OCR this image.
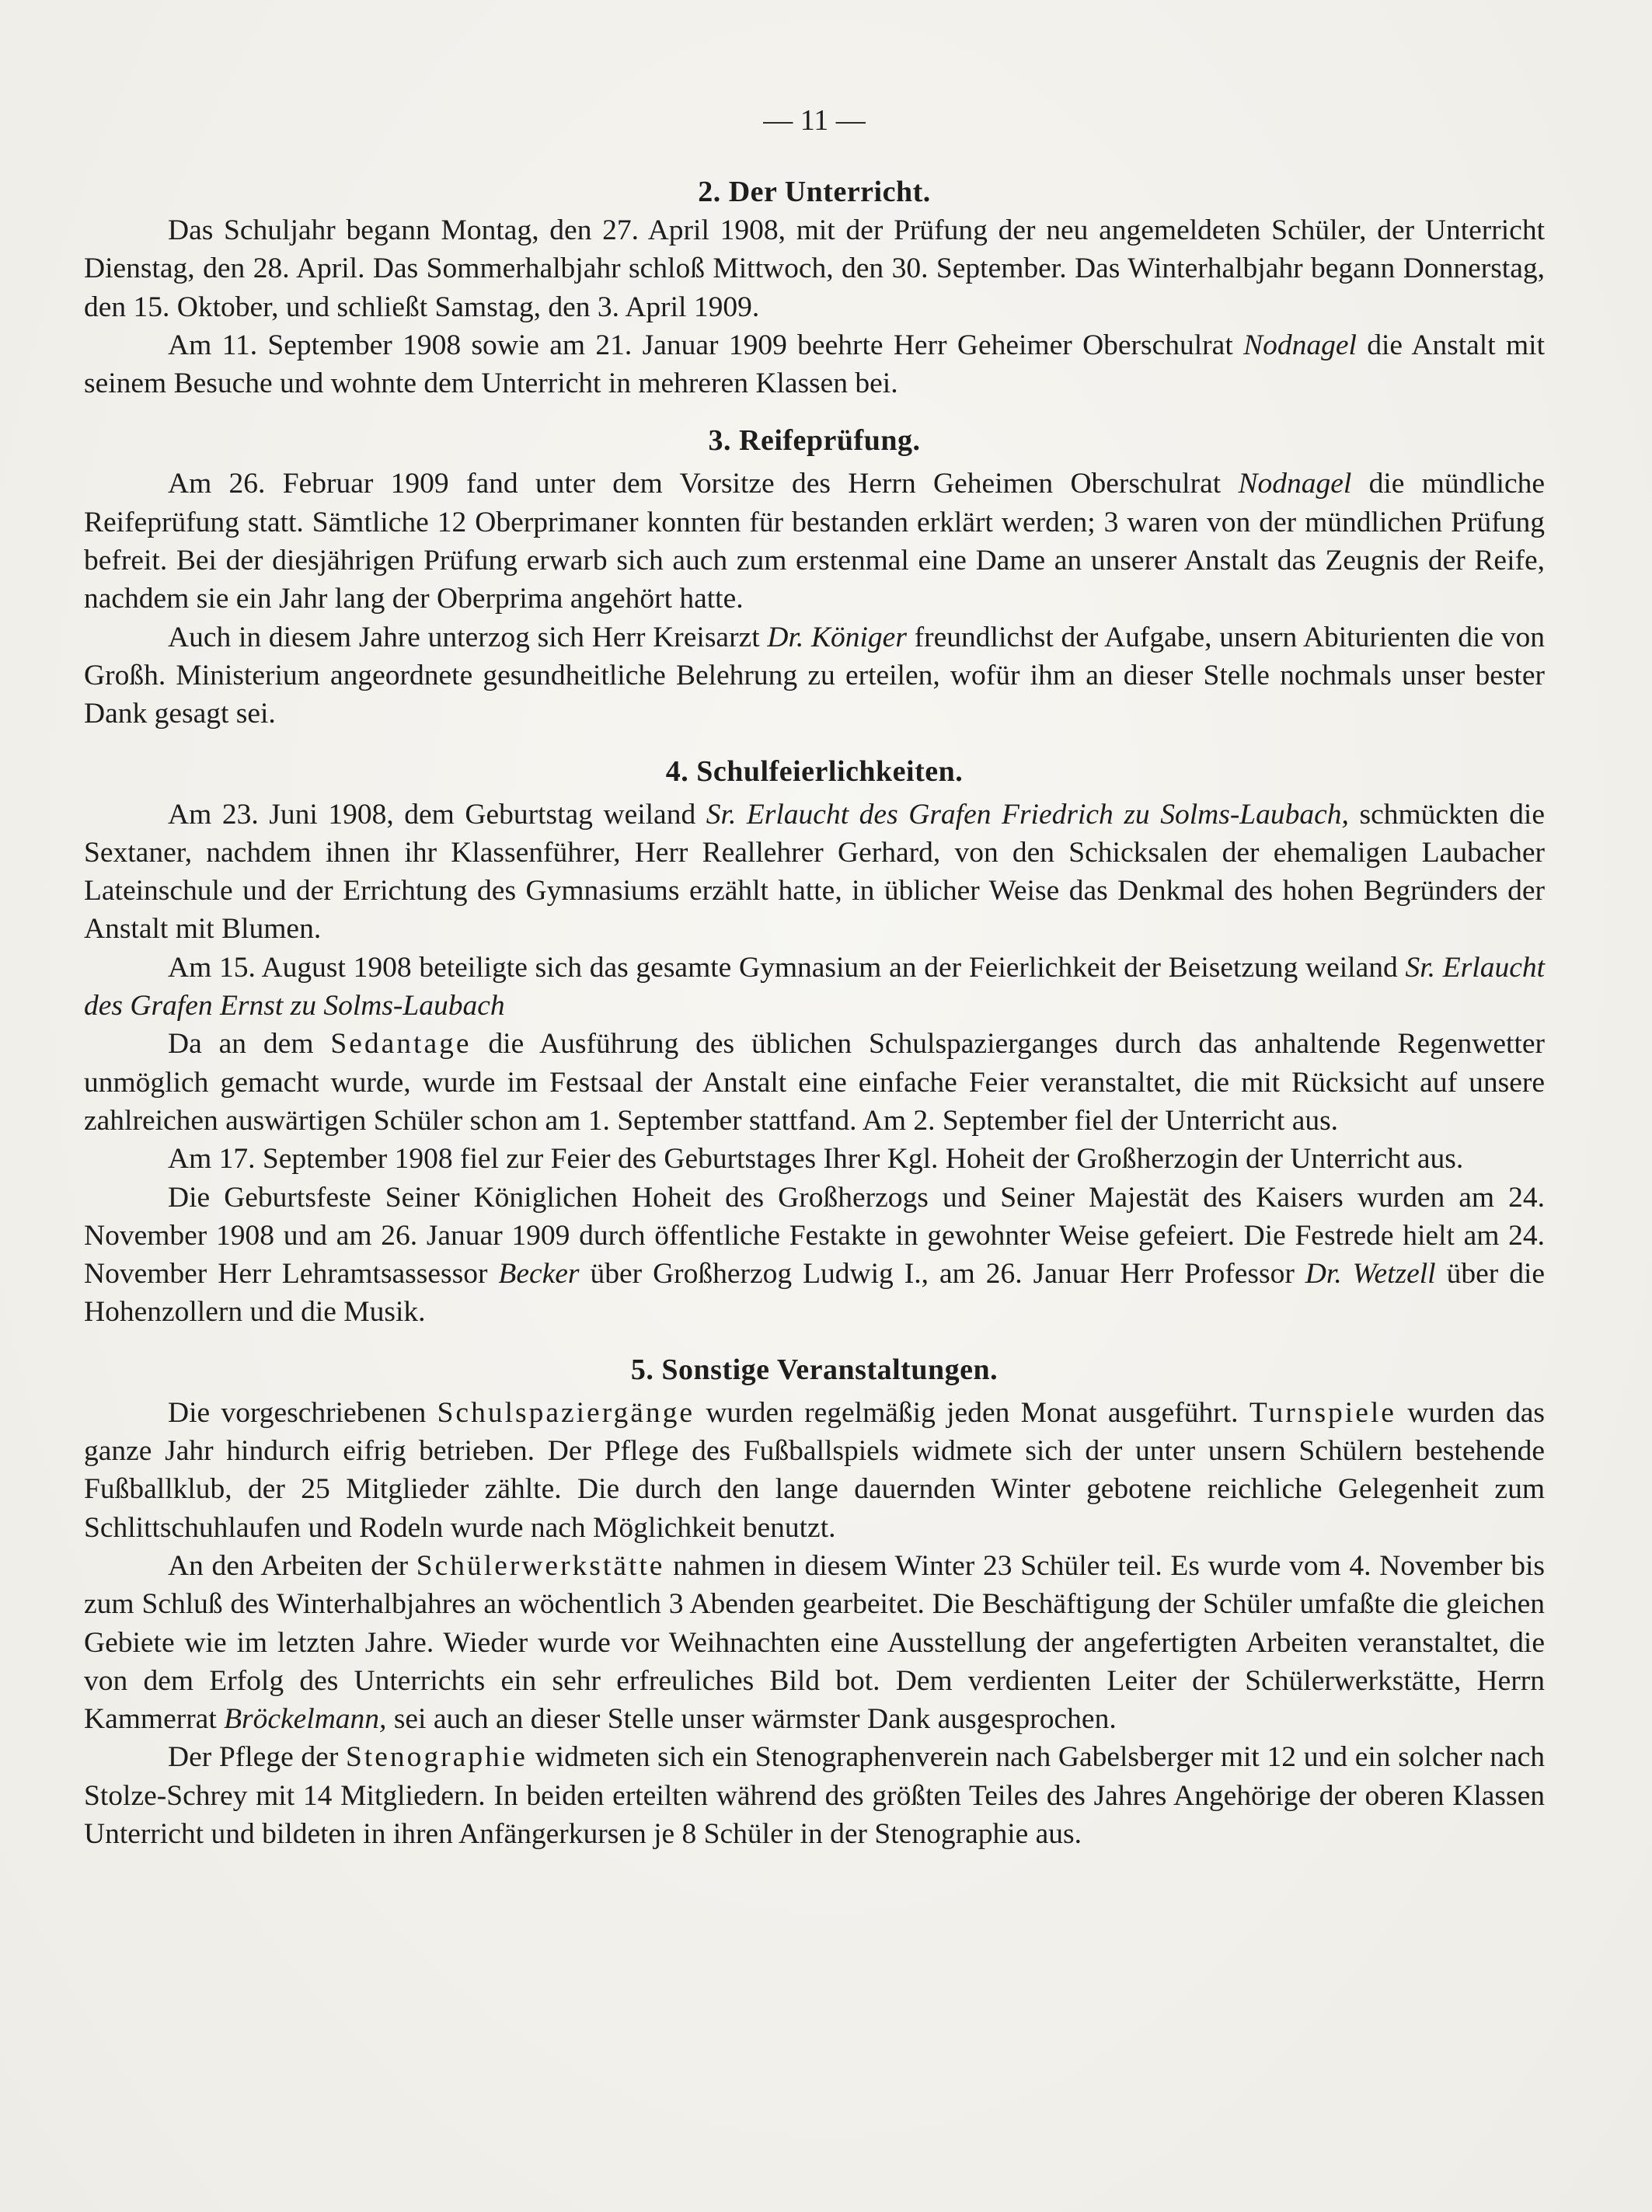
— 11 —
2. Der Unterricht.

Das Schuljahr begann Montag, den 27. April 1908, mit der Prüfung der neu angemeldeten Schüler, der Unterricht Dienstag, den 28. April. Das Sommerhalbjahr schloß Mittwoch, den 30. September. Das Winterhalbjahr begann Donnerstag, den 15. Oktober, und schließt Samstag, den 3. April 1909.

Am 11. September 1908 sowie am 21. Januar 1909 beehrte Herr Geheimer Oberschulrat Nodnagel die Anstalt mit seinem Besuche und wohnte dem Unterricht in mehreren Klassen bei.

3. Reifeprüfung.

Am 26. Februar 1909 fand unter dem Vorsitze des Herrn Geheimen Oberschulrat Nodnagel die mündliche Reifeprüfung statt. Sämtliche 12 Oberprimaner konnten für bestanden erklärt werden; 3 waren von der mündlichen Prüfung befreit. Bei der diesjährigen Prüfung erwarb sich auch zum erstenmal eine Dame an unserer Anstalt das Zeugnis der Reife, nachdem sie ein Jahr lang der Oberprima angehört hatte.

Auch in diesem Jahre unterzog sich Herr Kreisarzt Dr. Königer freundlichst der Aufgabe, unsern Abiturienten die von Großh. Ministerium angeordnete gesundheitliche Belehrung zu erteilen, wofür ihm an dieser Stelle nochmals unser bester Dank gesagt sei.

4. Schulfeierlichkeiten.

Am 23. Juni 1908, dem Geburtstag weiland Sr. Erlaucht des Grafen Friedrich zu Solms-Laubach, schmückten die Sextaner, nachdem ihnen ihr Klassenführer, Herr Reallehrer Gerhard, von den Schicksalen der ehemaligen Laubacher Lateinschule und der Errichtung des Gymnasiums erzählt hatte, in üblicher Weise das Denkmal des hohen Begründers der Anstalt mit Blumen.

Am 15. August 1908 beteiligte sich das gesamte Gymnasium an der Feierlichkeit der Beisetzung weiland Sr. Erlaucht des Grafen Ernst zu Solms-Laubach

Da an dem Sedantage die Ausführung des üblichen Schulspazierganges durch das anhaltende Regenwetter unmöglich gemacht wurde, wurde im Festsaal der Anstalt eine einfache Feier veranstaltet, die mit Rücksicht auf unsere zahlreichen auswärtigen Schüler schon am 1. September stattfand. Am 2. September fiel der Unterricht aus.

Am 17. September 1908 fiel zur Feier des Geburtstages Ihrer Kgl. Hoheit der Großherzogin der Unterricht aus.

Die Geburtsfeste Seiner Königlichen Hoheit des Großherzogs und Seiner Majestät des Kaisers wurden am 24. November 1908 und am 26. Januar 1909 durch öffentliche Festakte in gewohnter Weise gefeiert. Die Festrede hielt am 24. November Herr Lehramtsassessor Becker über Großherzog Ludwig I., am 26. Januar Herr Professor Dr. Wetzell über die Hohenzollern und die Musik.

5. Sonstige Veranstaltungen.

Die vorgeschriebenen Schulspaziergänge wurden regelmäßig jeden Monat ausgeführt. Turnspiele wurden das ganze Jahr hindurch eifrig betrieben. Der Pflege des Fußballspiels widmete sich der unter unsern Schülern bestehende Fußballklub, der 25 Mitglieder zählte. Die durch den lange dauernden Winter gebotene reichliche Gelegenheit zum Schlittschuhlaufen und Rodeln wurde nach Möglichkeit benutzt.

An den Arbeiten der Schülerwerkstätte nahmen in diesem Winter 23 Schüler teil. Es wurde vom 4. November bis zum Schluß des Winterhalbjahres an wöchentlich 3 Abenden gearbeitet. Die Beschäftigung der Schüler umfaßte die gleichen Gebiete wie im letzten Jahre. Wieder wurde vor Weihnachten eine Ausstellung der angefertigten Arbeiten veranstaltet, die von dem Erfolg des Unterrichts ein sehr erfreuliches Bild bot. Dem verdienten Leiter der Schülerwerkstätte, Herrn Kammerrat Bröckelmann, sei auch an dieser Stelle unser wärmster Dank ausgesprochen.

Der Pflege der Stenographie widmeten sich ein Stenographenverein nach Gabelsberger mit 12 und ein solcher nach Stolze-Schrey mit 14 Mitgliedern. In beiden erteilten während des größten Teiles des Jahres Angehörige der oberen Klassen Unterricht und bildeten in ihren Anfängerkursen je 8 Schüler in der Stenographie aus.
